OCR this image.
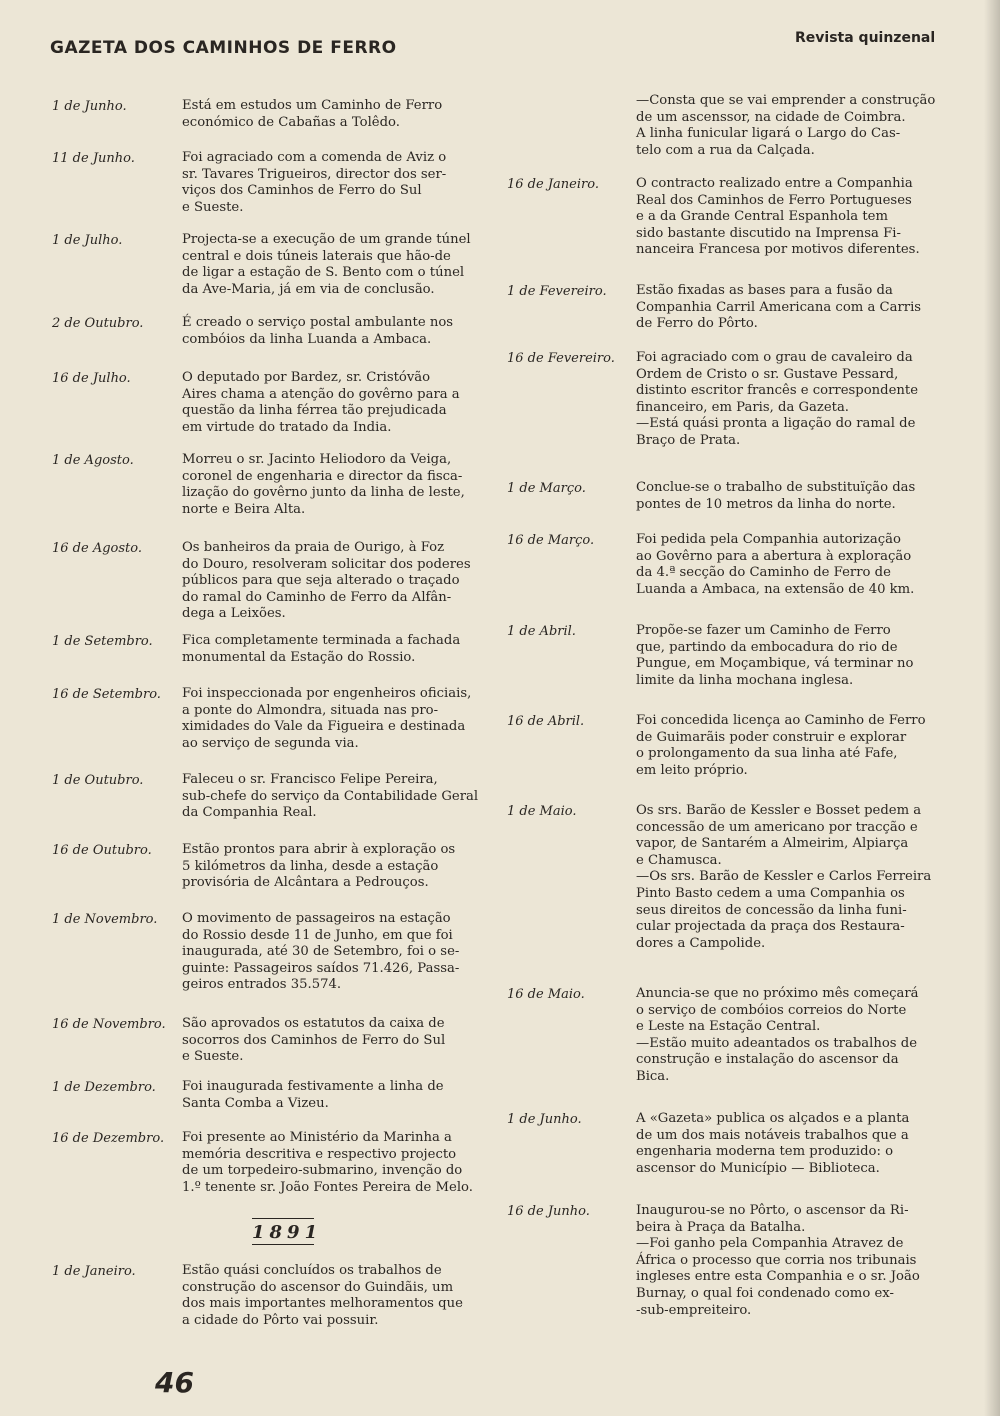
GAZETA DOS CAMINHOS DE FERRO	Revista quinzenal
1 de Junho.	Está em estudos um Caminho de Ferro
económico de Cabañas a Tolêdo.
11 de Junho.	Foi agraciado com a comenda de Aviz o
sr. Tavares Trigueiros, director dos ser-
viços dos Caminhos de Ferro do Sul
e Sueste.
1 de Julho.	Projecta-se a execução de um grande túnel
central e dois túneis laterais que hão-de
de ligar a estação de S. Bento com o túnel
da Ave-Maria, já em via de conclusão.
2 de Outubro.	É creado o serviço postal ambulante nos
combóios da linha Luanda a Ambaca.
16 de Julho.	O deputado por Bardez, sr. Cristóvão
Aires chama a atenção do govêrno para a
questão da linha férrea tão prejudicada
em virtude do tratado da India.
1 de Agosto.	Morreu o sr. Jacinto Heliodoro da Veiga,
coronel de engenharia e director da fisca-
lização do govêrno junto da linha de leste,
norte e Beira Alta.
16 de Agosto.	Os banheiros da praia de Ourigo, à Foz
do Douro, resolveram solicitar dos poderes
públicos para que seja alterado o traçado
do ramal do Caminho de Ferro da Alfân-
dega a Leixões.
1 de Setembro. Fica completamente terminada a fachada
monumental da Estação do Rossio.
16 de Setembro. Foi inspeccionada por engenheiros oficiais,
a ponte do Almondra, situada nas pro-
ximidades do Vale da Figueira e destinada
ao serviço de segunda via.
1 de Outubro.	Faleceu o sr. Francisco Felipe Pereira,
sub-chefe do serviço da Contabilidade Geral
da Companhia Real.
16 de Outubro. Estão prontos para abrir à exploração os
5 kilómetros da linha, desde a estação
provisória de Alcântara a Pedrouços.
1 de Novembro. O movimento de passageiros na estação
do Rossio desde 11 de Junho, em que foi
inaugurada, até 30 de Setembro, foi o se-
guinte: Passageiros saídos 71.426, Passa-
geiros entrados 35.574.
16 de Novembro. São aprovados os estatutos da caixa de
socorros dos Caminhos de Ferro do Sul
e Sueste.
1 de Dezembro. Foi inaugurada festivamente a linha de
Santa Comba a Vizeu.
16 de Dezembro. Foi presente ao Ministério da Marinha a
memória descritiva e respectivo projecto
de um torpedeiro-submarino, invenção do
1.º tenente sr. João Fontes Pereira de Melo.
1 de Janeiro.	Estão quási concluídos os trabalhos de
construção do ascensor do Guindãis, um
dos mais importantes melhoramentos que
a cidade do Pôrto vai possuir.
1891
—Consta que se vai emprender a construção
de um ascenssor, na cidade de Coimbra.
A linha funicular ligará o Largo do Cas-
telo com a rua da Calçada.
16 de Janeiro.	O contracto realizado entre a Companhia
Real dos Caminhos de Ferro Portugueses
e a da Grande Central Espanhola tem
sido bastante discutido na Imprensa Fi-
nanceira Francesa por motivos diferentes.
1 de Fevereiro. Estão fixadas as bases para a fusão da
Companhia Carril Americana com a Carris
de Ferro do Pôrto.
16 de Fevereiro. Foi agraciado com o grau de cavaleiro da
Ordem de Cristo o sr. Gustave Pessard,
distinto escritor francês e correspondente
financeiro, em Paris, da Gazeta.
—Está quási pronta a ligação do ramal de
Braço de Prata.
1 de Março.	Conclue-se o trabalho de substituïção das
pontes de 10 metros da linha do norte.
16 de Março.	Foi pedida pela Companhia autorização
ao Govêrno para a abertura à exploração
da 4.ª secção do Caminho de Ferro de
Luanda a Ambaca, na extensão de 40 km.
1 de Abril.	Propõe-se fazer um Caminho de Ferro
que, partindo da embocadura do rio de
Pungue, em Moçambique, vá terminar no
limite da linha mochana inglesa.
16 de Abril.	Foi concedida licença ao Caminho de Ferro
de Guimarãis poder construir e explorar
o prolongamento da sua linha até Fafe,
em leito próprio.
1 de Maio.	Os srs. Barão de Kessler e Bosset pedem a
concessão de um americano por tracção e
vapor, de Santarém a Almeirim, Alpiarça
e Chamusca.
—Os srs. Barão de Kessler e Carlos Ferreira
Pinto Basto cedem a uma Companhia os
seus direitos de concessão da linha funi-
cular projectada da praça dos Restaura-
dores a Campolide.
16 de Maio.	Anuncia-se que no próximo mês começará
o serviço de combóios correios do Norte
e Leste na Estação Central.
—Estão muito adeantados os trabalhos de
construção e instalação do ascensor da
Bica.
1 de Junho.	A «Gazeta» publica os alçados e a planta
de um dos mais notáveis trabalhos que a
engenharia moderna tem produzido: o
ascensor do Município — Biblioteca.
16 de Junho.	Inaugurou-se no Pôrto, o ascensor da Ri-
beira à Praça da Batalha.
—Foi ganho pela Companhia Atravez de
África o processo que corria nos tribunais
ingleses entre esta Companhia e o sr. João
Burnay, o qual foi condenado como ex-
-sub-empreiteiro.
46
